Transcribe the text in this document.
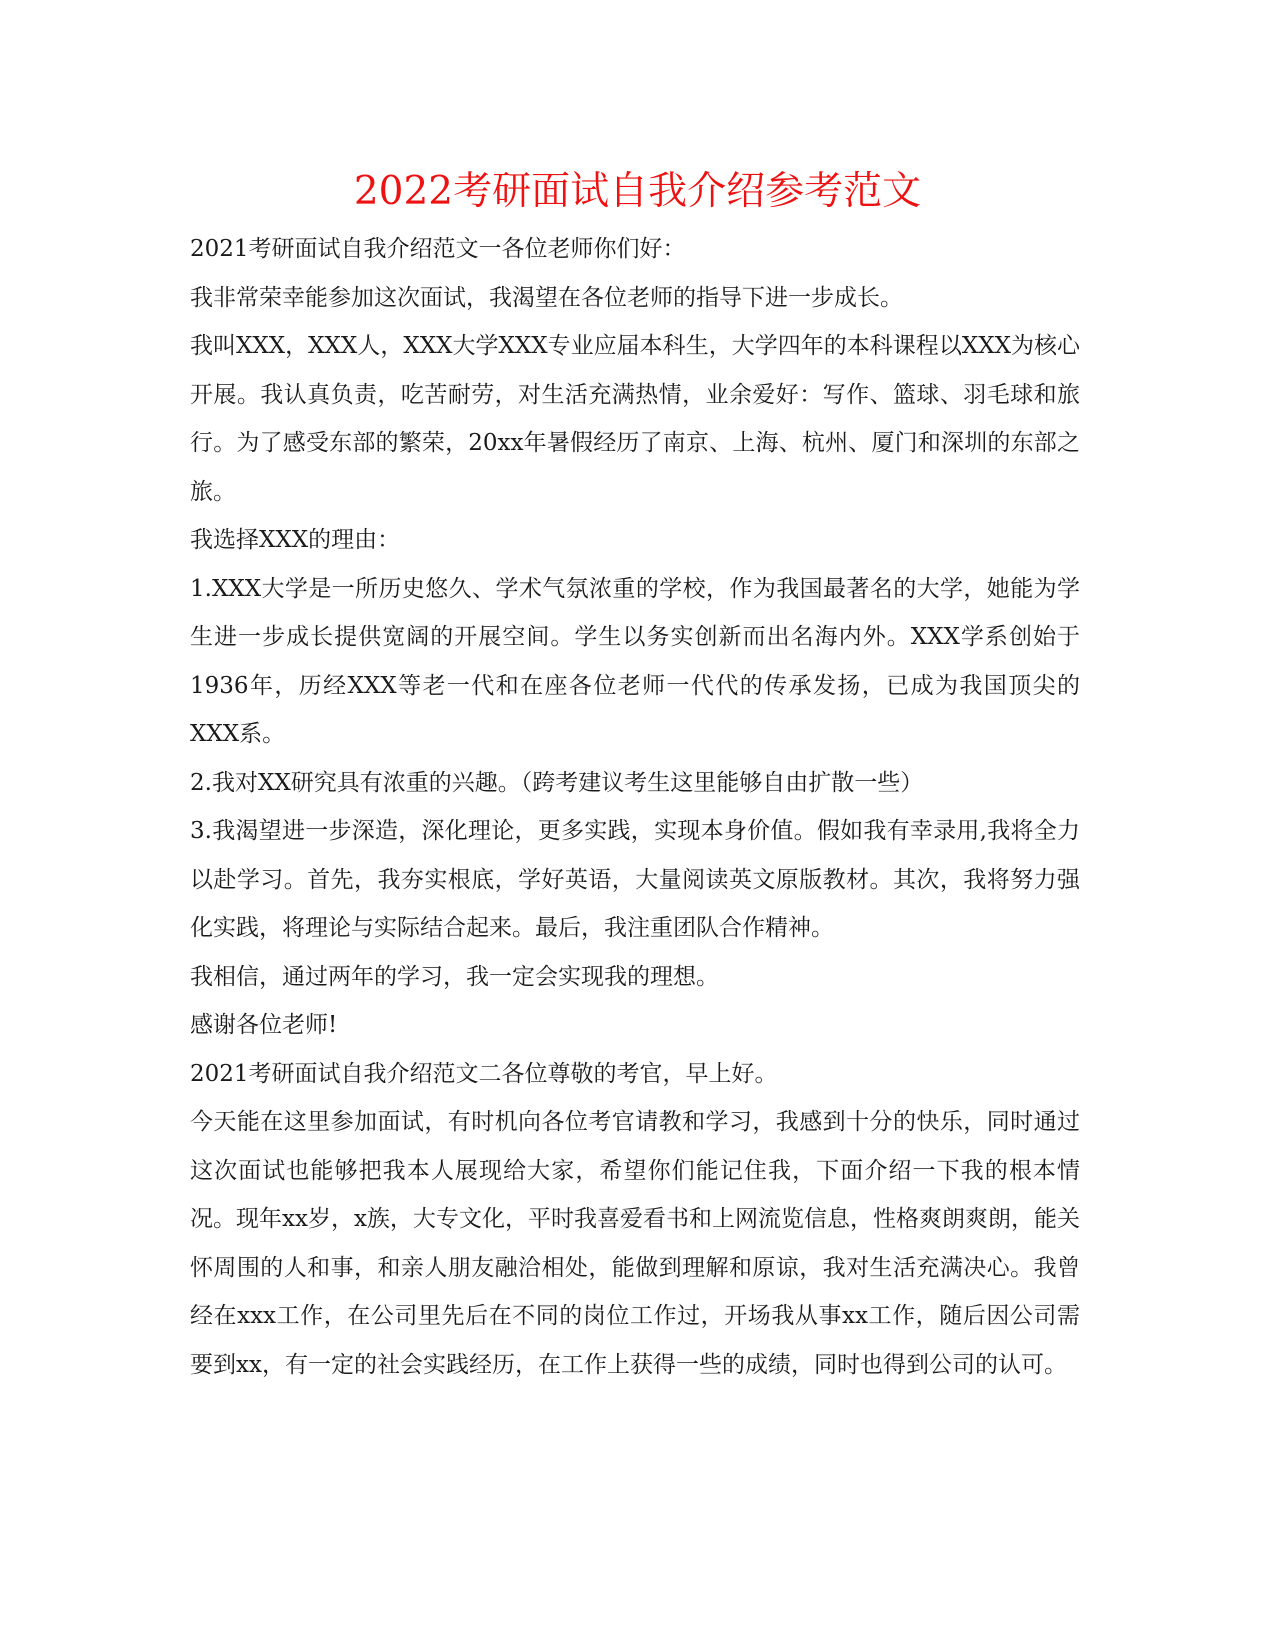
2022考研面试自我介绍参考范文

2021考研面试自我介绍范文一各位老师你们好：

我非常荣幸能参加这次面试，我渴望在各位老师的指导下进一步成长。

我叫XXX，XXX人，XXX大学XXX专业应届本科生，大学四年的本科课程以XXX为核心开展。我认真负责，吃苦耐劳，对生活充满热情，业余爱好：写作、篮球、羽毛球和旅行。为了感受东部的繁荣，20xx年暑假经历了南京、上海、杭州、厦门和深圳的东部之旅。

我选择XXX的理由：

1.XXX大学是一所历史悠久、学术气氛浓重的学校，作为我国最著名的大学，她能为学生进一步成长提供宽阔的开展空间。学生以务实创新而出名海内外。XXX学系创始于1936年，历经XXX等老一代和在座各位老师一代代的传承发扬，已成为我国顶尖的XXX系。

2.我对XX研究具有浓重的兴趣。（跨考建议考生这里能够自由扩散一些）

3.我渴望进一步深造，深化理论，更多实践，实现本身价值。假如我有幸录用,我将全力以赴学习。首先，我夯实根底，学好英语，大量阅读英文原版教材。其次，我将努力强化实践，将理论与实际结合起来。最后，我注重团队合作精神。

我相信，通过两年的学习，我一定会实现我的理想。

感谢各位老师!

2021考研面试自我介绍范文二各位尊敬的考官，早上好。

今天能在这里参加面试，有时机向各位考官请教和学习，我感到十分的快乐，同时通过这次面试也能够把我本人展现给大家，希望你们能记住我，下面介绍一下我的根本情况。现年xx岁，x族，大专文化，平时我喜爱看书和上网流览信息，性格爽朗爽朗，能关怀周围的人和事，和亲人朋友融洽相处，能做到理解和原谅，我对生活充满决心。我曾经在xxx工作，在公司里先后在不同的岗位工作过，开场我从事xx工作，随后因公司需要到xx，有一定的社会实践经历，在工作上获得一些的成绩，同时也得到公司的认可。
